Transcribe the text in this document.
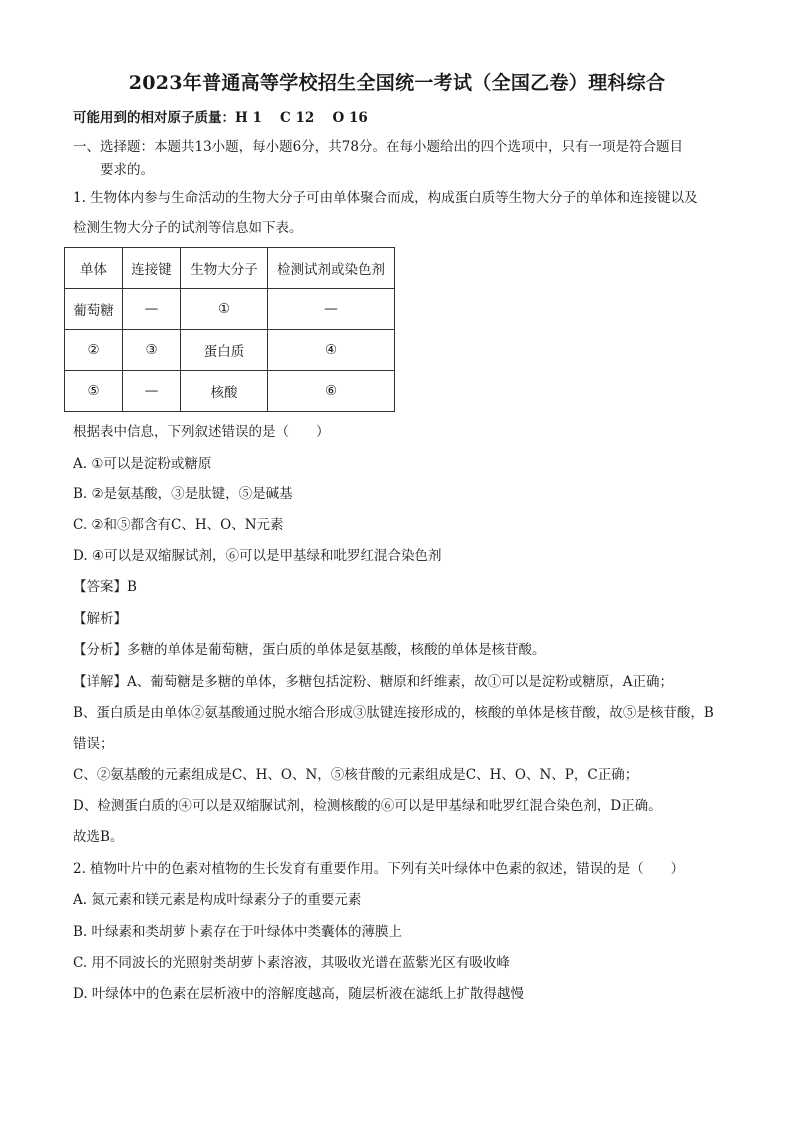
2023年普通高等学校招生全国统一考试（全国乙卷）理科综合
可能用到的相对原子质量：H 1　 C 12　 O 16
一、选择题：本题共13小题，每小题6分，共78分。在每小题给出的四个选项中，只有一项是符合题目
要求的。
1. 生物体内参与生命活动的生物大分子可由单体聚合而成，构成蛋白质等生物大分子的单体和连接键以及
检测生物大分子的试剂等信息如下表。
单体	连接键	生物大分子	检测试剂或染色剂
葡萄糖	—	①	—
②	③	蛋白质	④
⑤	—	核酸	⑥
根据表中信息，下列叙述错误的是（　　）
A. ①可以是淀粉或糖原
B. ②是氨基酸，③是肽键，⑤是碱基
C. ②和⑤都含有C、H、O、N元素
D. ④可以是双缩脲试剂，⑥可以是甲基绿和吡罗红混合染色剂
【答案】B
【解析】
【分析】多糖的单体是葡萄糖，蛋白质的单体是氨基酸，核酸的单体是核苷酸。
【详解】A、葡萄糖是多糖的单体，多糖包括淀粉、糖原和纤维素，故①可以是淀粉或糖原，A正确；
B、蛋白质是由单体②氨基酸通过脱水缩合形成③肽键连接形成的，核酸的单体是核苷酸，故⑤是核苷酸，B
错误；
C、②氨基酸的元素组成是C、H、O、N，⑤核苷酸的元素组成是C、H、O、N、P，C正确；
D、检测蛋白质的④可以是双缩脲试剂，检测核酸的⑥可以是甲基绿和吡罗红混合染色剂，D正确。
故选B。
2. 植物叶片中的色素对植物的生长发育有重要作用。下列有关叶绿体中色素的叙述，错误的是（　　）
A. 氮元素和镁元素是构成叶绿素分子的重要元素
B. 叶绿素和类胡萝卜素存在于叶绿体中类囊体的薄膜上
C. 用不同波长的光照射类胡萝卜素溶液，其吸收光谱在蓝紫光区有吸收峰
D. 叶绿体中的色素在层析液中的溶解度越高，随层析液在滤纸上扩散得越慢
